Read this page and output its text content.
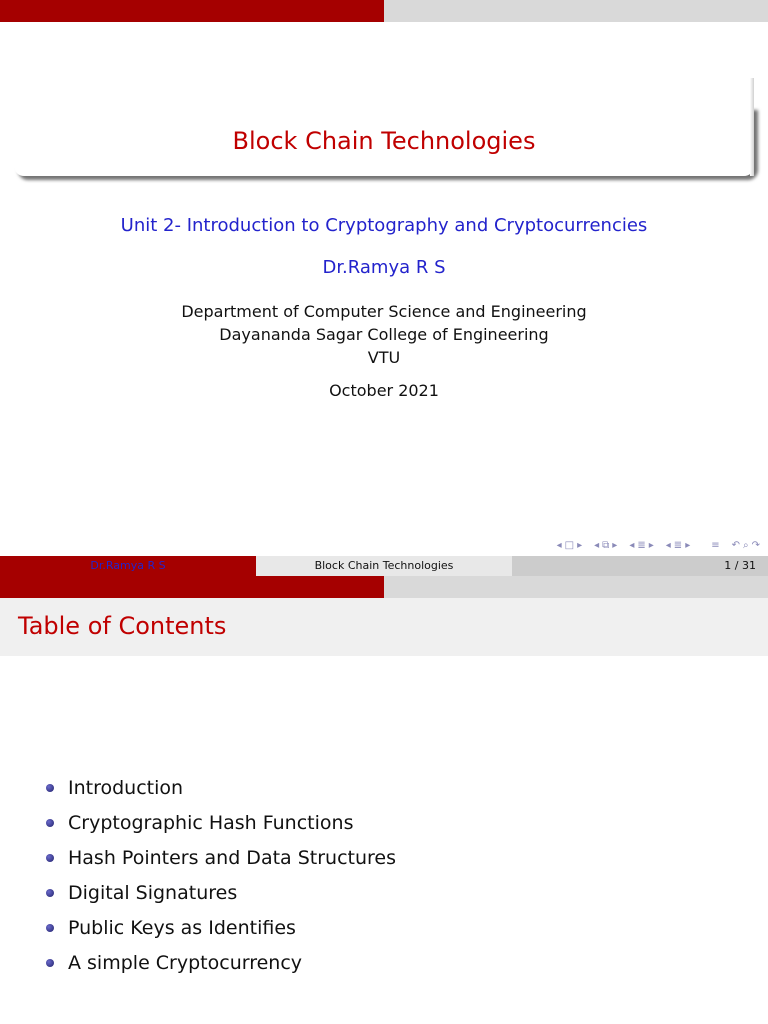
Block Chain Technologies
Unit 2- Introduction to Cryptography and Cryptocurrencies
Dr.Ramya R S
Department of Computer Science and Engineering
Dayananda Sagar College of Engineering
VTU
October 2021
◂ □ ▸ ◂ ⧉ ▸ ◂ ≣ ▸ ◂ ≣ ▸ ≡ ↶ ⌕ ↷
Dr.Ramya R S	Block Chain Technologies	1 / 31
Table of Contents
Introduction
Cryptographic Hash Functions
Hash Pointers and Data Structures
Digital Signatures
Public Keys as Identifies
A simple Cryptocurrency
